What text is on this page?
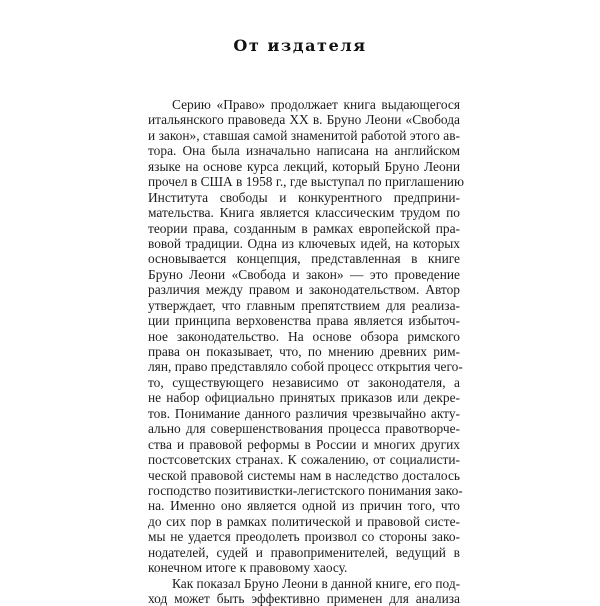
От издателя
Серию «Право» продолжает книга выдающегося
итальянского правоведа XX в. Бруно Леони «Свобода
и закон», ставшая самой знаменитой работой этого ав-
тора. Она была изначально написана на английском
языке на основе курса лекций, который Бруно Леони
прочел в США в 1958 г., где выступал по приглашению
Института свободы и конкурентного предприни-
мательства. Книга является классическим трудом по
теории права, созданным в рамках европейской пра-
вовой традиции. Одна из ключевых идей, на которых
основывается концепция, представленная в книге
Бруно Леони «Свобода и закон» — это проведение
различия между правом и законодательством. Автор
утверждает, что главным препятствием для реализа-
ции принципа верховенства права является избыточ-
ное законодательство. На основе обзора римского
права он показывает, что, по мнению древних рим-
лян, право представляло собой процесс открытия чего-
то, существующего независимо от законодателя, а
не набор официально принятых приказов или декре-
тов. Понимание данного различия чрезвычайно акту-
ально для совершенствования процесса правотворче-
ства и правовой реформы в России и многих других
постсоветских странах. К сожалению, от социалисти-
ческой правовой системы нам в наследство досталось
господство позитивистки-легистского понимания зако-
на. Именно оно является одной из причин того, что
до сих пор в рамках политической и правовой систе-
мы не удается преодолеть произвол со стороны зако-
нодателей, судей и правоприменителей, ведущий в
конечном итоге к правовому хаосу.
Как показал Бруно Леони в данной книге, его под-
ход может быть эффективно применен для анализа
